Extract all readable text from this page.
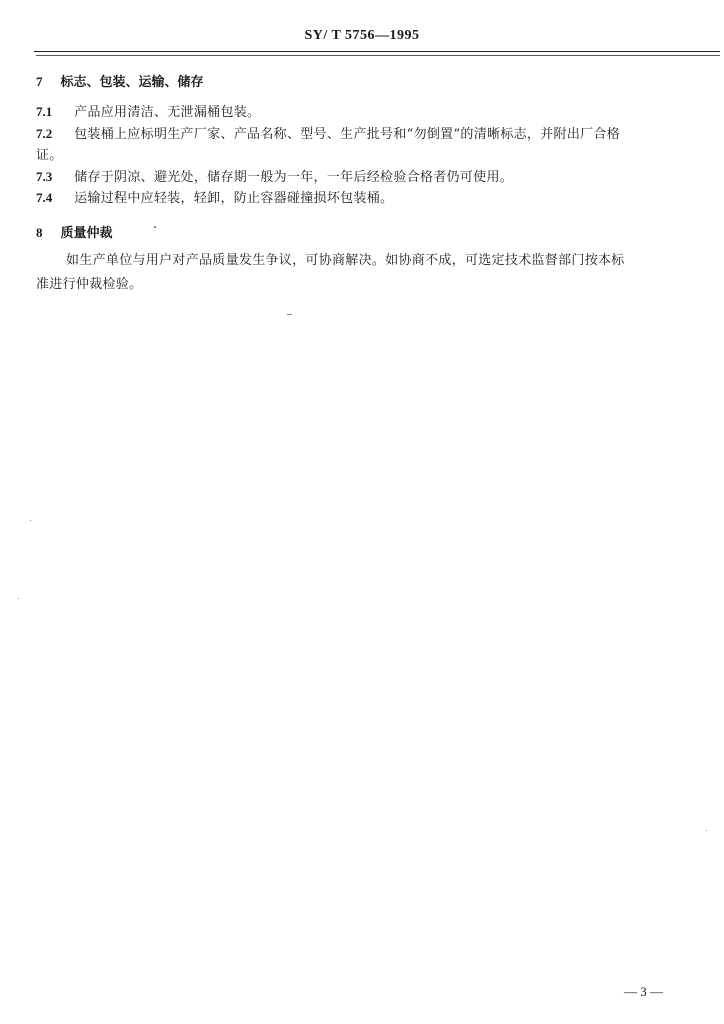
SY/ T 5756—1995
7 标志、包装、运输、储存
7.1 产品应用清洁、无泄漏桶包装。
7.2 包装桶上应标明生产厂家、产品名称、型号、生产批号和“勿倒置”的清晰标志，并附出厂合格
证。
7.3 储存于阴凉、避光处，储存期一般为一年，一年后经检验合格者仍可使用。
7.4 运输过程中应轻装，轻卸，防止容器碰撞损坏包装桶。
8 质量仲裁
如生产单位与用户对产品质量发生争议，可协商解决。如协商不成，可选定技术监督部门按本标
准进行仲裁检验。
— 3 —
